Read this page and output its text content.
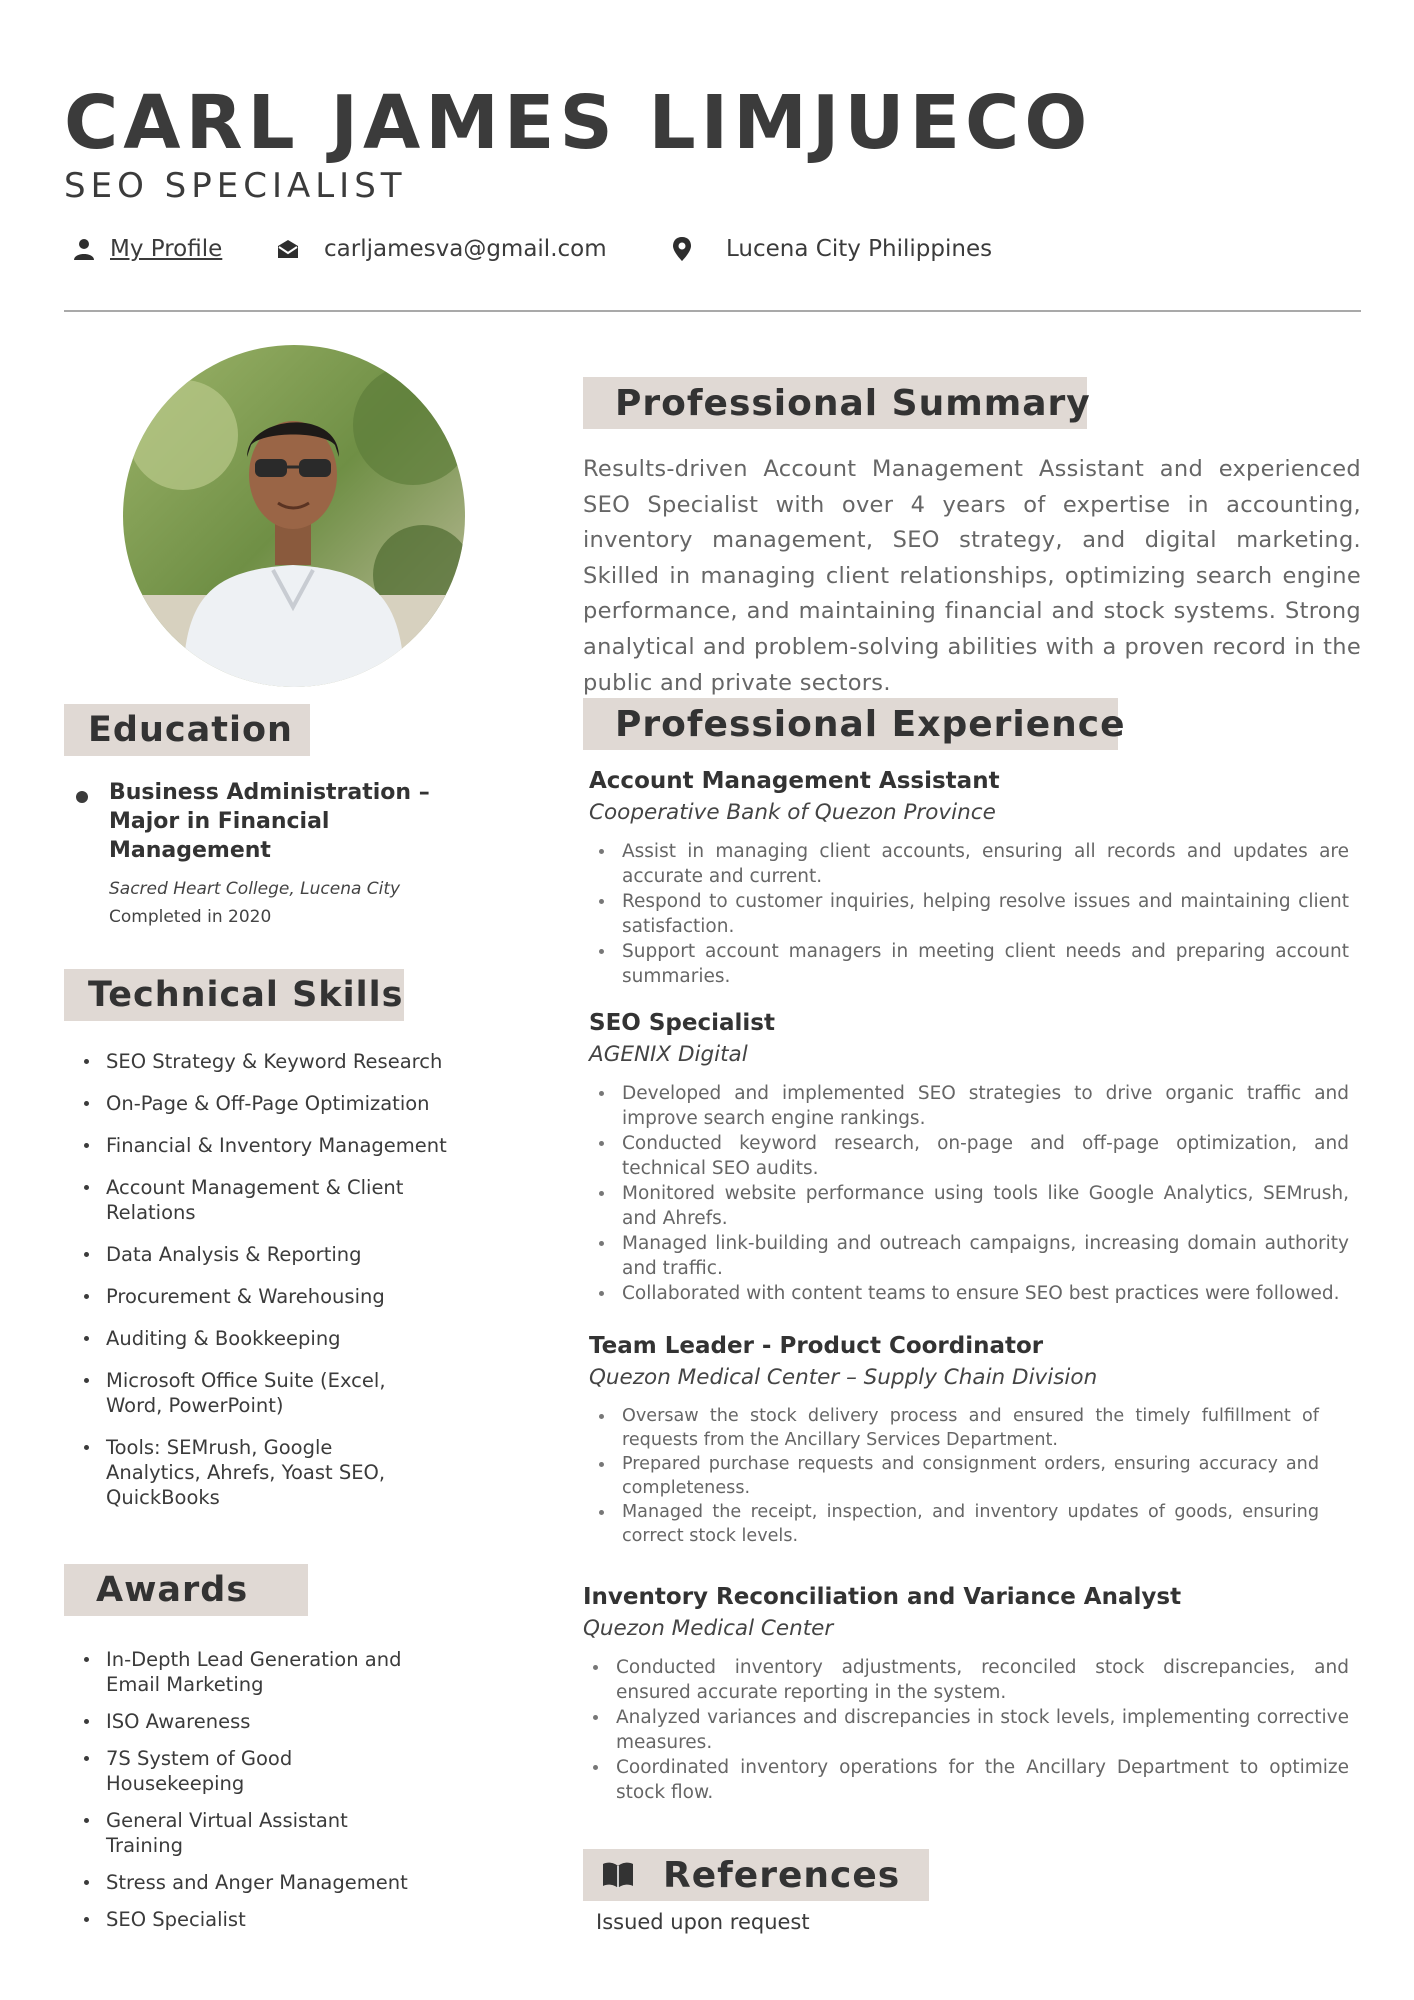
CARL JAMES LIMJUECO
SEO SPECIALIST
My Profile	carljamesva@gmail.com	Lucena City Philippines
Education
Business Administration –
Major in Financial
Management
Sacred Heart College, Lucena City
Completed in 2020
Technical Skills
SEO Strategy & Keyword Research
On-Page & Off-Page Optimization
Financial & Inventory Management
Account Management & Client Relations
Data Analysis & Reporting
Procurement & Warehousing
Auditing & Bookkeeping
Microsoft Office Suite (Excel, Word, PowerPoint)
Tools: SEMrush, Google Analytics, Ahrefs, Yoast SEO, QuickBooks
Awards
In-Depth Lead Generation and Email Marketing
ISO Awareness
7S System of Good Housekeeping
General Virtual Assistant Training
Stress and Anger Management
SEO Specialist
Professional Summary
Results-driven Account Management Assistant and experienced SEO Specialist with over 4 years of expertise in accounting, inventory management, SEO strategy, and digital marketing. Skilled in managing client relationships, optimizing search engine performance, and maintaining financial and stock systems. Strong analytical and problem-solving abilities with a proven record in the public and private sectors.
Professional Experience
Account Management Assistant
Cooperative Bank of Quezon Province
Assist in managing client accounts, ensuring all records and updates are accurate and current.
Respond to customer inquiries, helping resolve issues and maintaining client satisfaction.
Support account managers in meeting client needs and preparing account summaries.
SEO Specialist
AGENIX Digital
Developed and implemented SEO strategies to drive organic traffic and improve search engine rankings.
Conducted keyword research, on-page and off-page optimization, and technical SEO audits.
Monitored website performance using tools like Google Analytics, SEMrush, and Ahrefs.
Managed link-building and outreach campaigns, increasing domain authority and traffic.
Collaborated with content teams to ensure SEO best practices were followed.
Team Leader - Product Coordinator
Quezon Medical Center – Supply Chain Division
Oversaw the stock delivery process and ensured the timely fulfillment of requests from the Ancillary Services Department.
Prepared purchase requests and consignment orders, ensuring accuracy and completeness.
Managed the receipt, inspection, and inventory updates of goods, ensuring correct stock levels.
Inventory Reconciliation and Variance Analyst
Quezon Medical Center
Conducted inventory adjustments, reconciled stock discrepancies, and ensured accurate reporting in the system.
Analyzed variances and discrepancies in stock levels, implementing corrective measures.
Coordinated inventory operations for the Ancillary Department to optimize stock flow.
References
Issued upon request
